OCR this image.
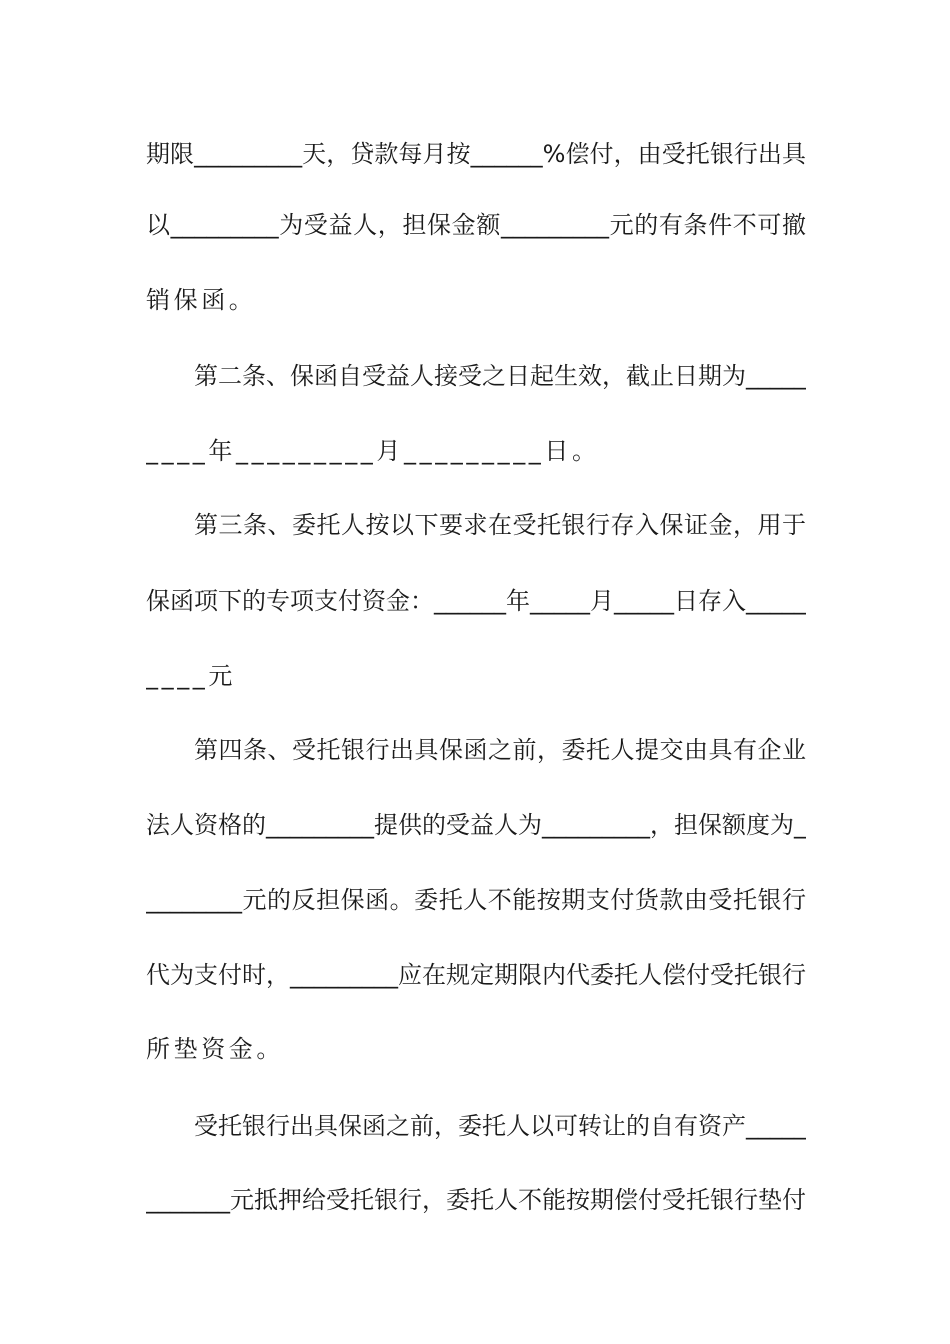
期限_________天，贷款每月按______%偿付，由受托银行出具
以_________为受益人，担保金额_________元的有条件不可撤
销保函。
第二条、保函自受益人接受之日起生效，截止日期为_____
____年_________月_________日。
第三条、委托人按以下要求在受托银行存入保证金，用于
保函项下的专项支付资金：______年_____月_____日存入_____
____元
第四条、受托银行出具保函之前，委托人提交由具有企业
法人资格的_________提供的受益人为_________，担保额度为_
________元的反担保函。委托人不能按期支付货款由受托银行
代为支付时，_________应在规定期限内代委托人偿付受托银行
所垫资金。
受托银行出具保函之前，委托人以可转让的自有资产_____
_______元抵押给受托银行，委托人不能按期偿付受托银行垫付
